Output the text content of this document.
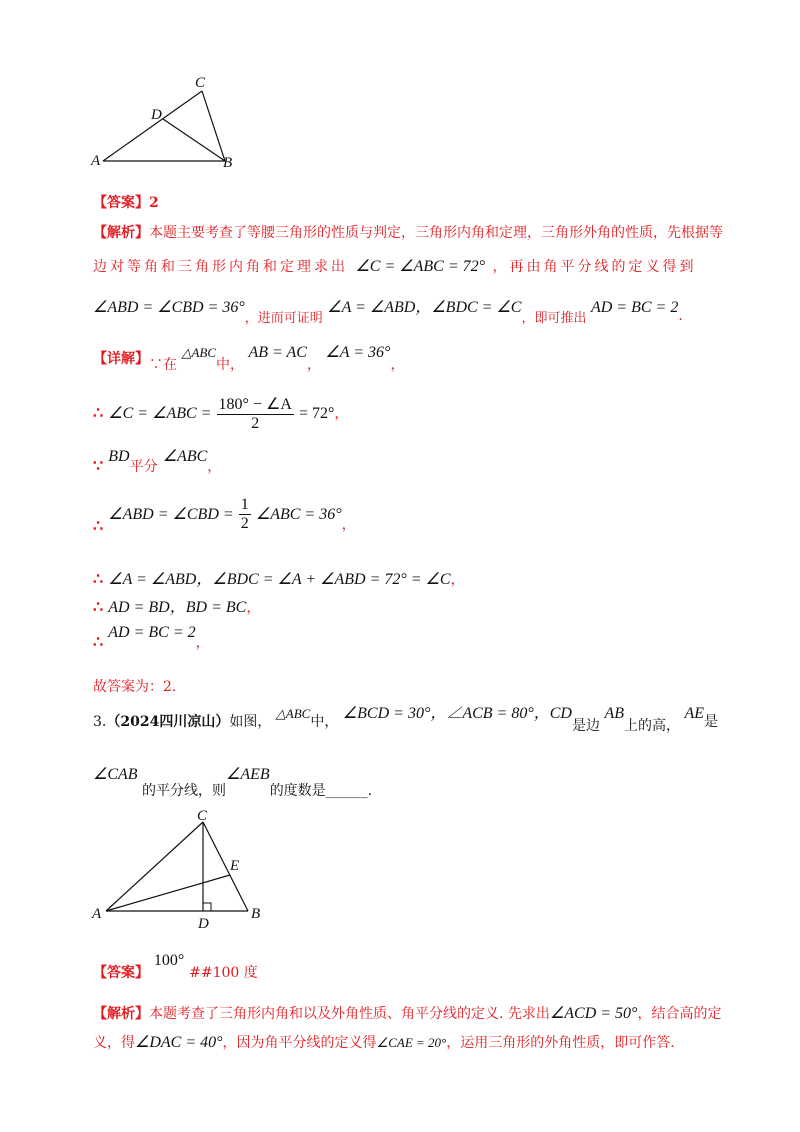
A	B
C
D
【答案】2
【解析】本题主要考查了等腰三角形的性质与判定，三角形内角和定理，三角形外角的性质，先根据等
边对等角和三角形内角和定理求出 ∠C = ∠ABC = 72° ，再由角平分线的定义得到
∠ABD = ∠CBD = 36°，进而可证明 ∠A = ∠ABD，∠BDC = ∠C，即可推出 AD = BC = 2.
【详解】∵在 △ABC中， AB = AC， ∠A = 36°，
∴ ∠C = ∠ABC = $\frac{180^\circ - \angle A}{2} = 72^\circ$，
∵ BD平分 ∠ABC，
∴ ∠ABD = ∠CBD = $\frac{1}{2}$ ∠ABC = 36°，
∴ ∠A = ∠ABD，∠BDC = ∠A + ∠ABD = 72° = ∠C，
∴ AD = BD，BD = BC，
∴ AD = BC = 2，
故答案为：2.
3.（2024四川凉山）如图， △ABC中， ∠BCD = 30°，∠ACB = 80°，CD是边 AB上的高， AE是
∠CAB 的平分线，则∠AEB的度数是______.
A	B
C
D
E
【答案】 100° ##100 度
【解析】本题考查了三角形内角和以及外角性质、角平分线的定义. 先求出∠ACD = 50°，结合高的定
义，得∠DAC = 40°，因为角平分线的定义得∠CAE = 20°，运用三角形的外角性质，即可作答.
